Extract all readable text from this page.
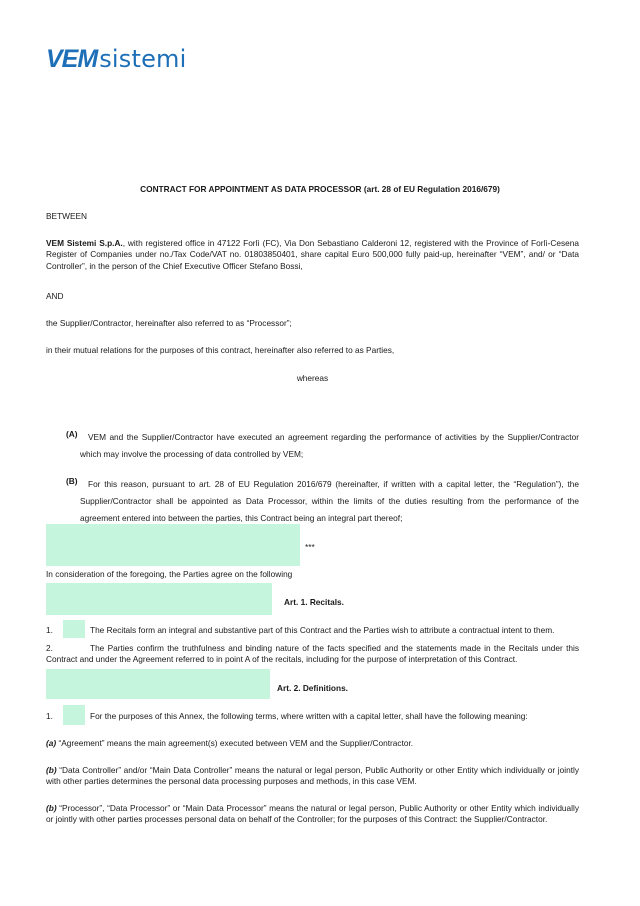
VEM sistemi
CONTRACT FOR APPOINTMENT AS DATA PROCESSOR (art. 28 of EU Regulation 2016/679)
BETWEEN

VEM Sistemi S.p.A., with registered office in 47122 Forlì (FC), Via Don Sebastiano Calderoni 12, registered with the Province of Forlì-Cesena Register of Companies under no./Tax Code/VAT no. 01803850401, share capital Euro 500,000 fully paid-up, hereinafter “VEM”, and/ or “Data Controller”, in the person of the Chief Executive Officer Stefano Bossi,

AND
the Supplier/Contractor, hereinafter also referred to as “Processor”;
in their mutual relations for the purposes of this contract, hereinafter also referred to as Parties,
whereas
(A)	VEM and the Supplier/Contractor have executed an agreement regarding the performance of activities by the Supplier/Contractor which may involve the processing of data controlled by VEM;

(B)	For this reason, pursuant to art. 28 of EU Regulation 2016/679 (hereinafter, if written with a capital letter, the “Regulation”), the Supplier/Contractor shall be appointed as Data Processor, within the limits of the duties resulting from the performance of the agreement entered into between the parties, this Contract being an integral part thereof;

***
In consideration of the foregoing, the Parties agree on the following
Art. 1. Recitals.
1.	The Recitals form an integral and substantive part of this Contract and the Parties wish to attribute a contractual intent to them.
2.	The Parties confirm the truthfulness and binding nature of the facts specified and the statements made in the Recitals under this Contract and under the Agreement referred to in point A of the recitals, including for the purpose of interpretation of this Contract.

Art. 2. Definitions.
1.	For the purposes of this Annex, the following terms, where written with a capital letter, shall have the following meaning:

(a) “Agreement” means the main agreement(s) executed between VEM and the Supplier/Contractor.

(b) “Data Controller” and/or “Main Data Controller” means the natural or legal person, Public Authority or other Entity which individually or jointly with other parties determines the personal data processing purposes and methods, in this case VEM.

(b) “Processor”, “Data Processor” or “Main Data Processor” means the natural or legal person, Public Authority or other Entity which individually or jointly with other parties processes personal data on behalf of the Controller; for the purposes of this Contract: the Supplier/Contractor.
